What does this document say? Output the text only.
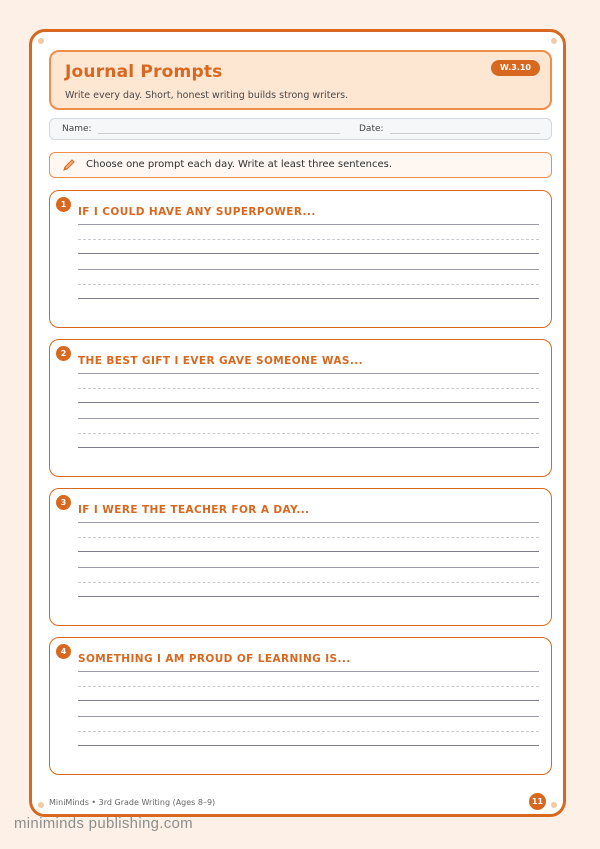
Journal Prompts
Write every day. Short, honest writing builds strong writers.
W.3.10
Name:	Date:
Choose one prompt each day. Write at least three sentences.
1
IF I COULD HAVE ANY SUPERPOWER...
2
THE BEST GIFT I EVER GAVE SOMEONE WAS...
3
IF I WERE THE TEACHER FOR A DAY...
4
SOMETHING I AM PROUD OF LEARNING IS...
MiniMinds • 3rd Grade Writing (Ages 8–9)	11
miniminds publishing.com
